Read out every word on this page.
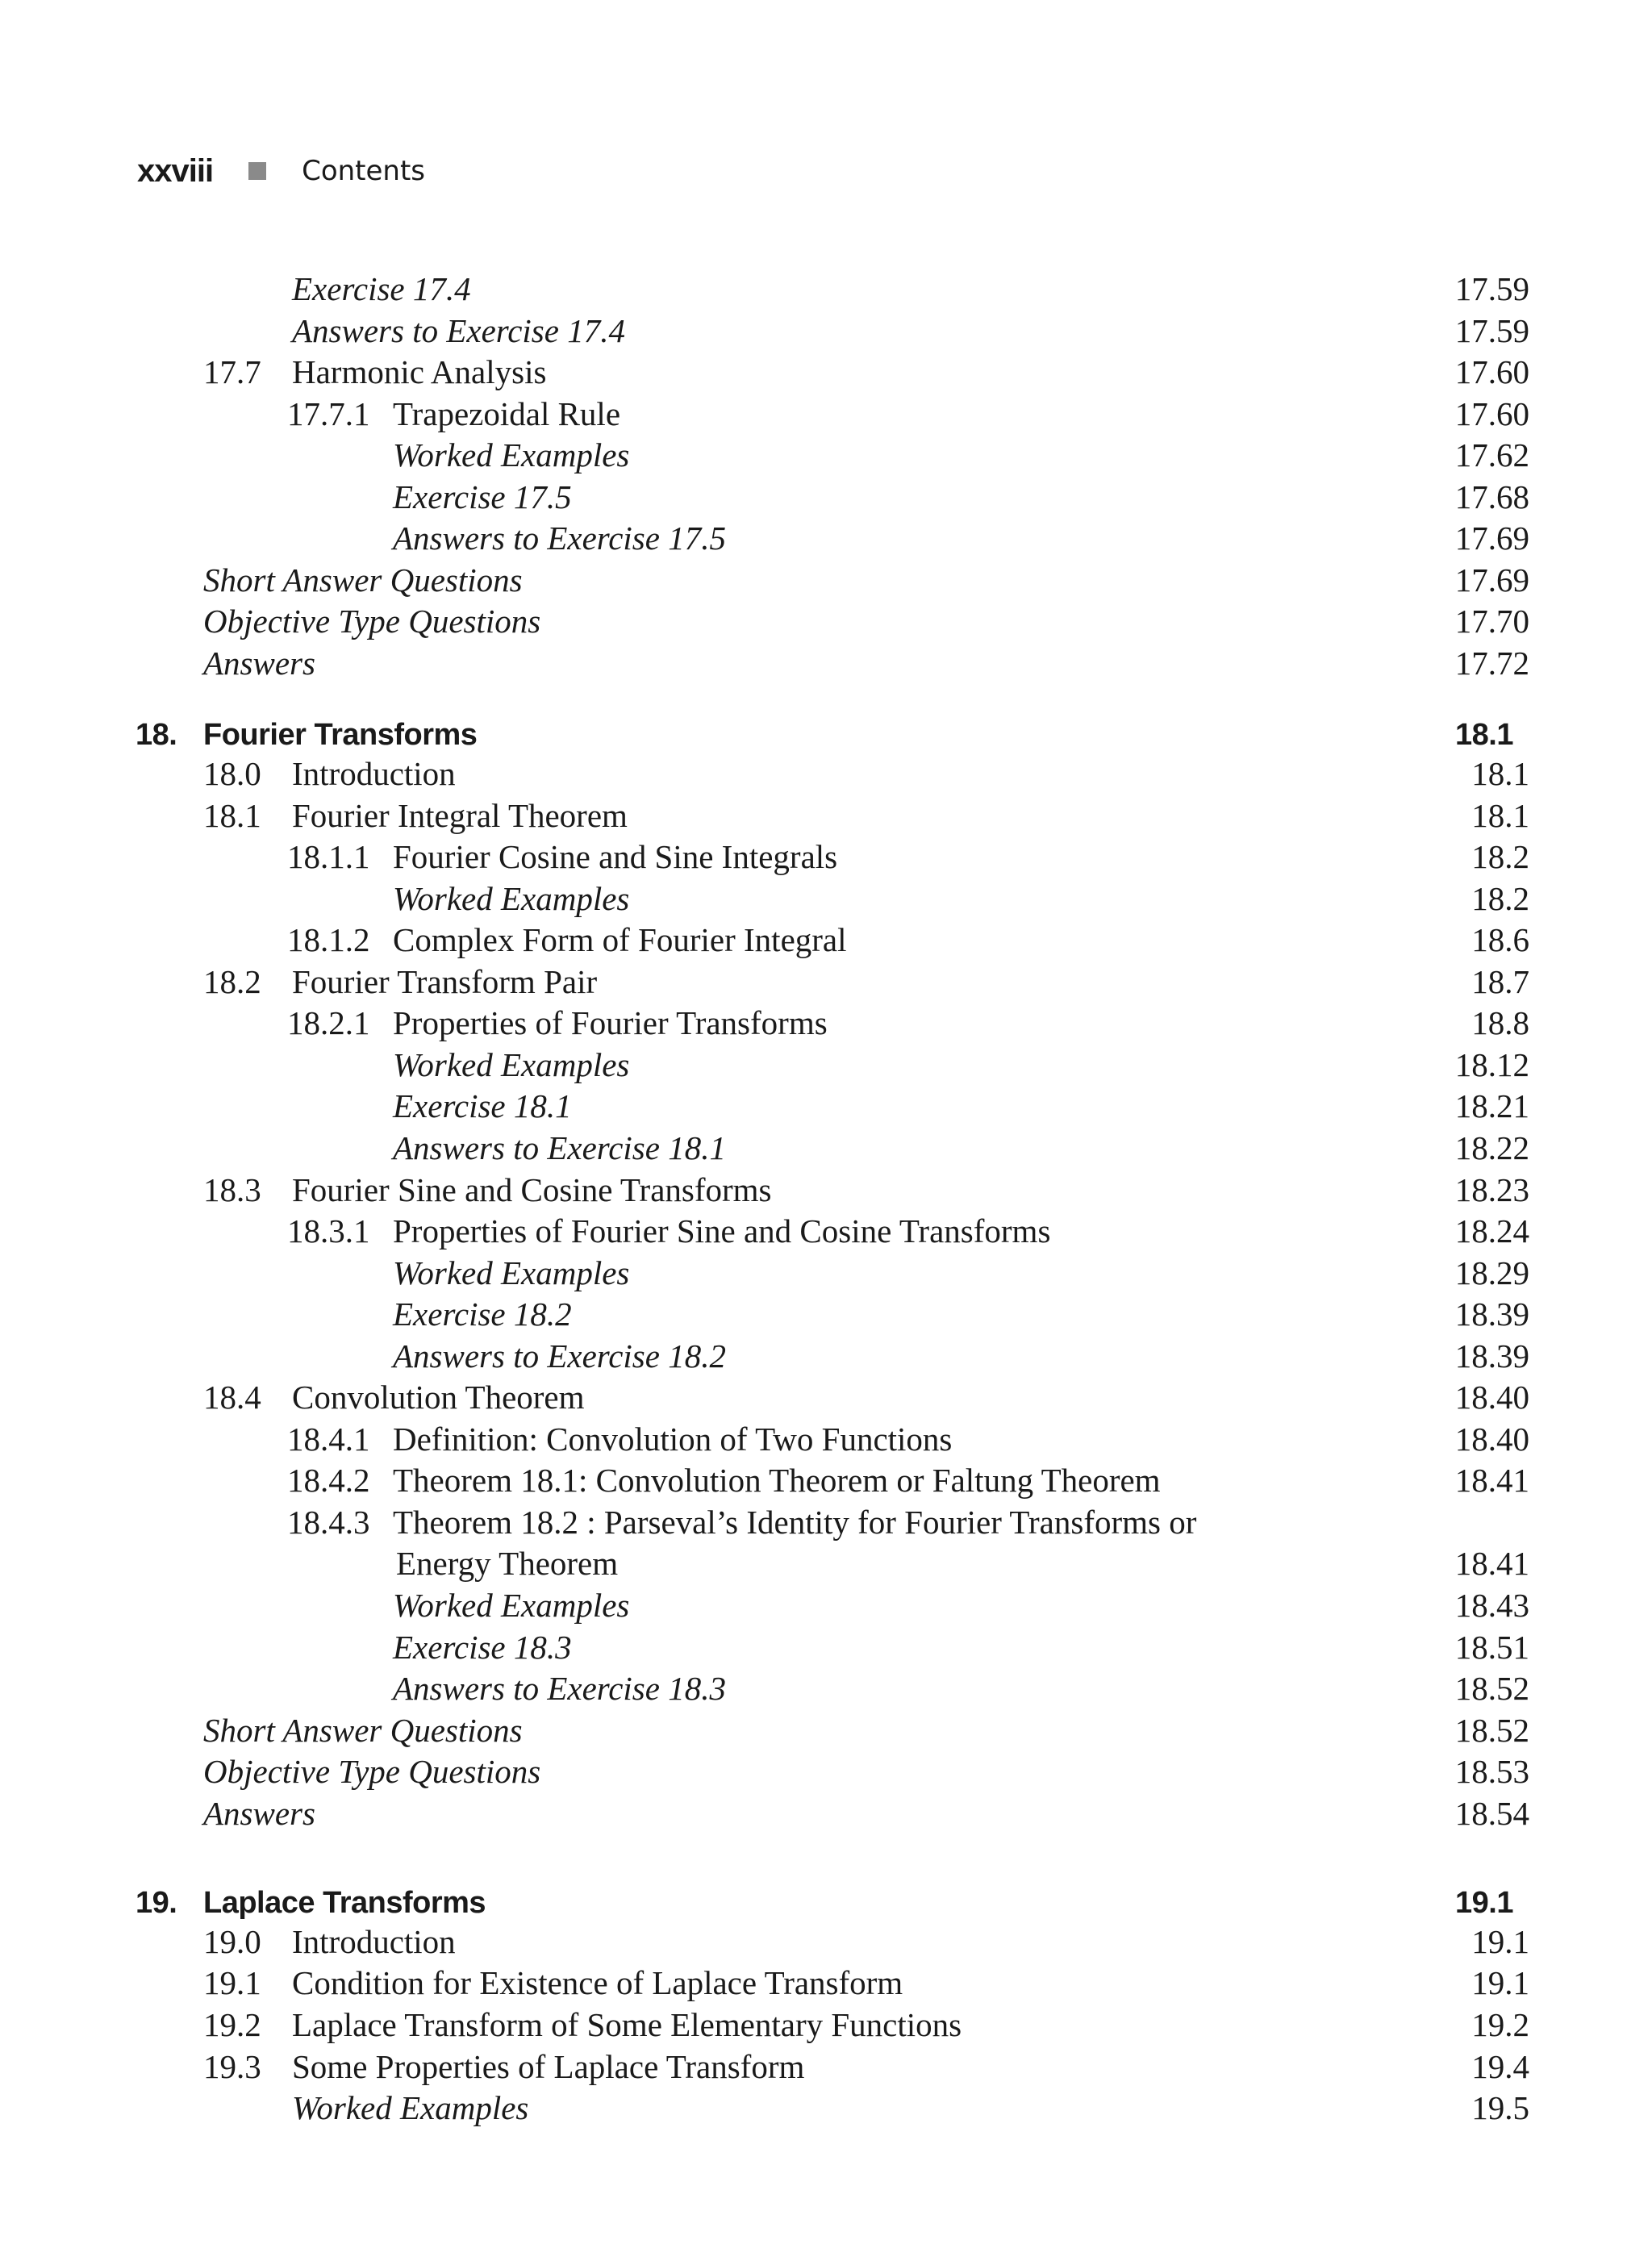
xxviii	Contents
Exercise 17.4	17.59
Answers to Exercise 17.4	17.59
17.7 Harmonic Analysis	17.60
17.7.1 Trapezoidal Rule	17.60
Worked Examples	17.62
Exercise 17.5	17.68
Answers to Exercise 17.5	17.69
Short Answer Questions	17.69
Objective Type Questions	17.70
Answers	17.72
18. Fourier Transforms	18.1
18.0 Introduction	18.1
18.1 Fourier Integral Theorem	18.1
18.1.1 Fourier Cosine and Sine Integrals	18.2
Worked Examples	18.2
18.1.2 Complex Form of Fourier Integral	18.6
18.2 Fourier Transform Pair	18.7
18.2.1 Properties of Fourier Transforms	18.8
Worked Examples	18.12
Exercise 18.1	18.21
Answers to Exercise 18.1	18.22
18.3 Fourier Sine and Cosine Transforms	18.23
18.3.1 Properties of Fourier Sine and Cosine Transforms	18.24
Worked Examples	18.29
Exercise 18.2	18.39
Answers to Exercise 18.2	18.39
18.4 Convolution Theorem	18.40
18.4.1 Definition: Convolution of Two Functions	18.40
18.4.2 Theorem 18.1: Convolution Theorem or Faltung Theorem	18.41
18.4.3 Theorem 18.2 : Parseval’s Identity for Fourier Transforms or
Energy Theorem	18.41
Worked Examples	18.43
Exercise 18.3	18.51
Answers to Exercise 18.3	18.52
Short Answer Questions	18.52
Objective Type Questions	18.53
Answers	18.54
19. Laplace Transforms	19.1
19.0 Introduction	19.1
19.1 Condition for Existence of Laplace Transform	19.1
19.2 Laplace Transform of Some Elementary Functions	19.2
19.3 Some Properties of Laplace Transform	19.4
Worked Examples	19.5
